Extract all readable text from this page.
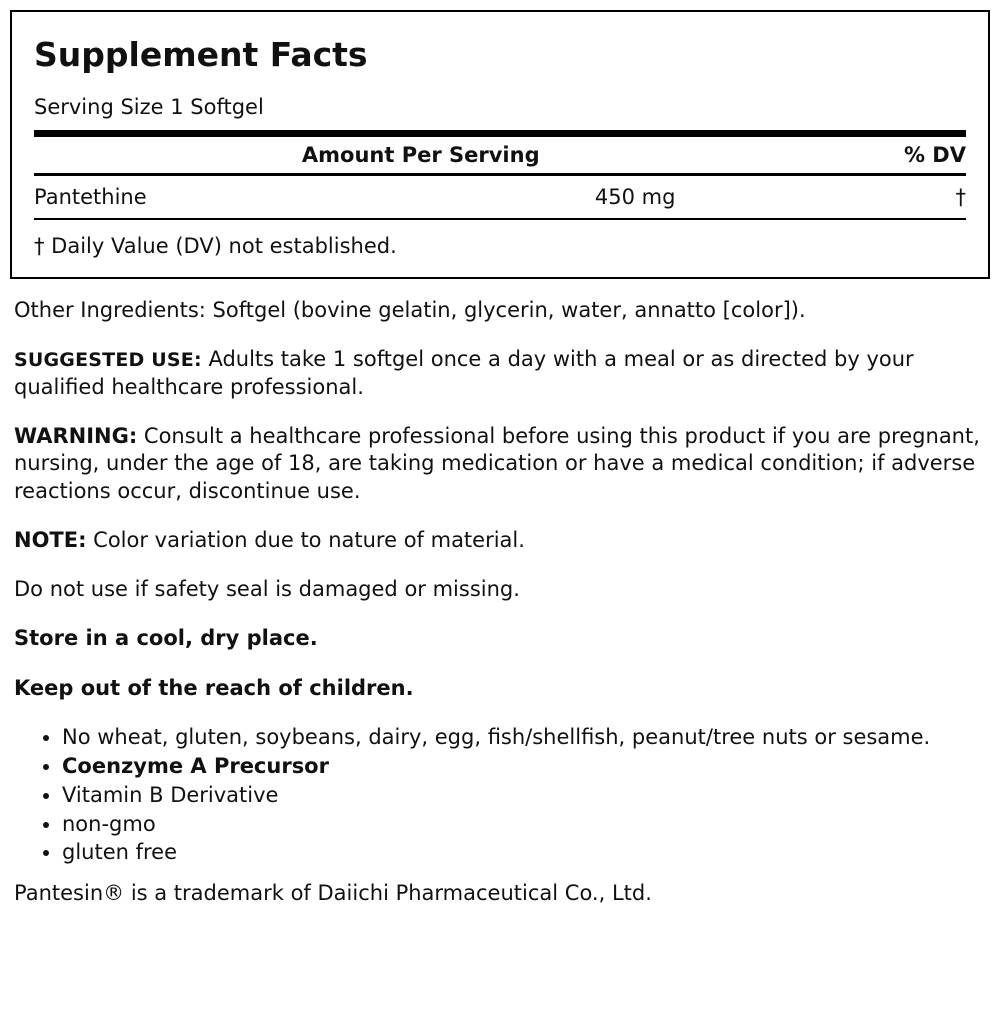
Supplement Facts
Serving Size 1 Softgel
Amount Per Serving	% DV
Pantethine	450 mg	†
† Daily Value (DV) not established.

Other Ingredients: Softgel (bovine gelatin, glycerin, water, annatto [color]).

SUGGESTED USE: Adults take 1 softgel once a day with a meal or as directed by your qualified healthcare professional.

WARNING: Consult a healthcare professional before using this product if you are pregnant, nursing, under the age of 18, are taking medication or have a medical condition; if adverse reactions occur, discontinue use.

NOTE: Color variation due to nature of material.

Do not use if safety seal is damaged or missing.

Store in a cool, dry place.

Keep out of the reach of children.

• No wheat, gluten, soybeans, dairy, egg, fish/shellfish, peanut/tree nuts or sesame.
• Coenzyme A Precursor
• Vitamin B Derivative
• non-gmo
• gluten free

Pantesin® is a trademark of Daiichi Pharmaceutical Co., Ltd.
